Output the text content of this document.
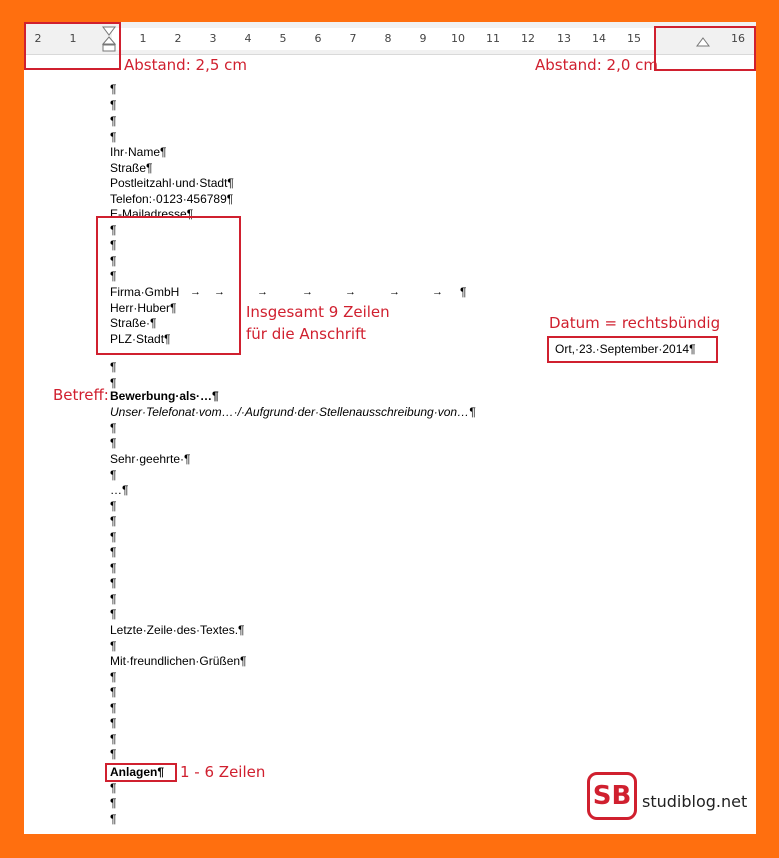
2	1	1	2	3	4	5	6	7	8	9 10 11 12 13 14 15	16
Abstand: 2,5 cm	Abstand: 2,0 cm
¶
¶
¶
¶
Ihr·Name¶
Straße¶
Postleitzahl·und·Stadt¶
Telefon:·0123·456789¶
E-Mailadresse¶
¶
¶
¶
¶
Firma·GmbH → →	→	→	→	→	→ ¶
Herr·Huber¶
Straße·¶
PLZ·Stadt¶
Insgesamt 9 Zeilen
für die Anschrift
Datum = rechtsbündig
Ort,·23.·September·2014¶
¶
¶
Betreff: Bewerbung·als·…¶
Unser·Telefonat·vom…·/·Aufgrund·der·Stellenausschreibung·von…¶
¶
¶
Sehr·geehrte·¶
¶
…¶
¶
¶
¶
¶
¶
¶
¶
¶
Letzte·Zeile·des·Textes.¶
¶
Mit·freundlichen·Grüßen¶
¶
¶
¶
¶
¶
¶
Anlagen¶ 1 - 6 Zeilen
¶
¶
¶
SB studiblog.net
